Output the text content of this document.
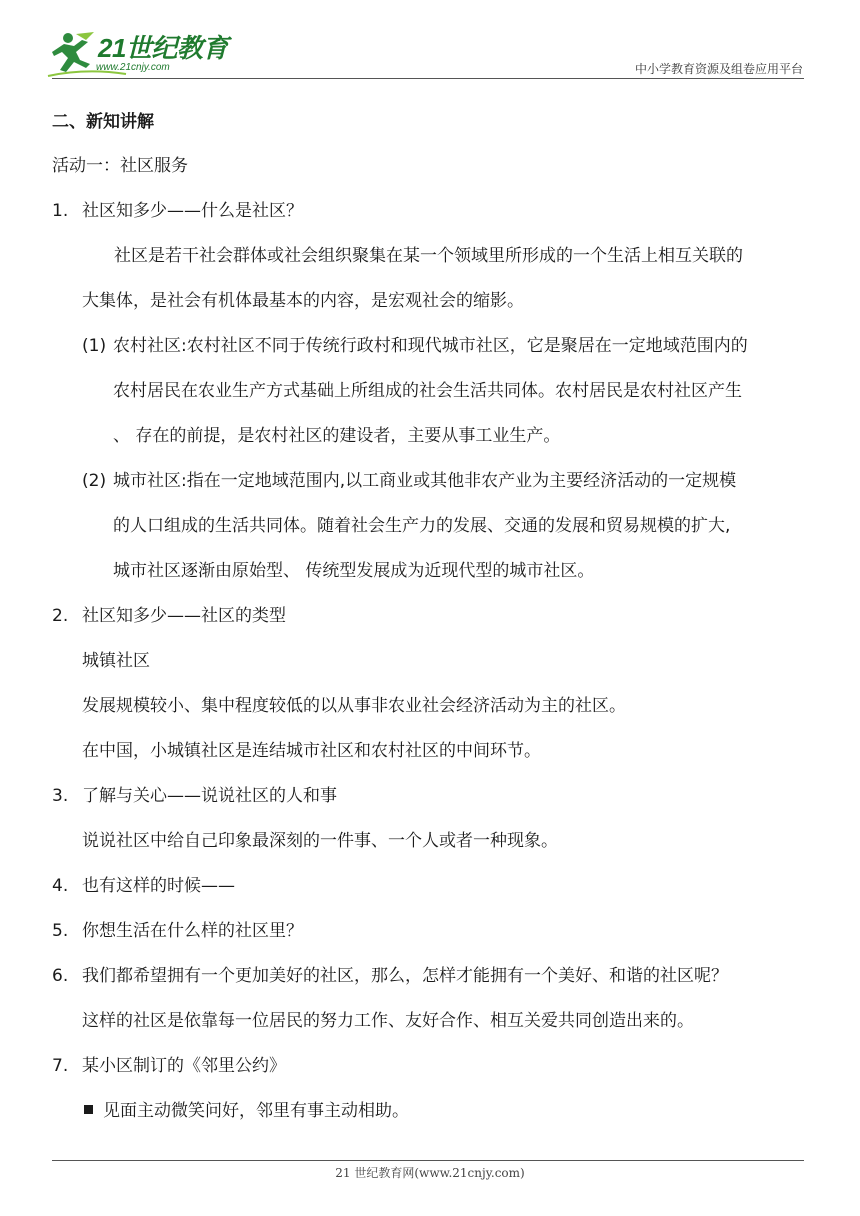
21世纪教育
www.21cnjy.com	中小学教育资源及组卷应用平台
二、新知讲解
活动一：社区服务
1. 社区知多少——什么是社区？
社区是若干社会群体或社会组织聚集在某一个领域里所形成的一个生活上相互关联的
大集体，是社会有机体最基本的内容，是宏观社会的缩影。
(1) 农村社区:农村社区不同于传统行政村和现代城市社区，它是聚居在一定地域范围内的
农村居民在农业生产方式基础上所组成的社会生活共同体。农村居民是农村社区产生
、 存在的前提，是农村社区的建设者，主要从事工业生产。
(2) 城市社区:指在一定地域范围内,以工商业或其他非农产业为主要经济活动的一定规模
的人口组成的生活共同体。随着社会生产力的发展、交通的发展和贸易规模的扩大,
城市社区逐渐由原始型、 传统型发展成为近现代型的城市社区。
2. 社区知多少——社区的类型
城镇社区
发展规模较小、集中程度较低的以从事非农业社会经济活动为主的社区。
在中国，小城镇社区是连结城市社区和农村社区的中间环节。
3. 了解与关心——说说社区的人和事
说说社区中给自己印象最深刻的一件事、一个人或者一种现象。
4. 也有这样的时候——
5. 你想生活在什么样的社区里？
6. 我们都希望拥有一个更加美好的社区，那么，怎样才能拥有一个美好、和谐的社区呢？
这样的社区是依靠每一位居民的努力工作、友好合作、相互关爱共同创造出来的。
7. 某小区制订的《邻里公约》
见面主动微笑问好，邻里有事主动相助。
21 世纪教育网(www.21cnjy.com)
